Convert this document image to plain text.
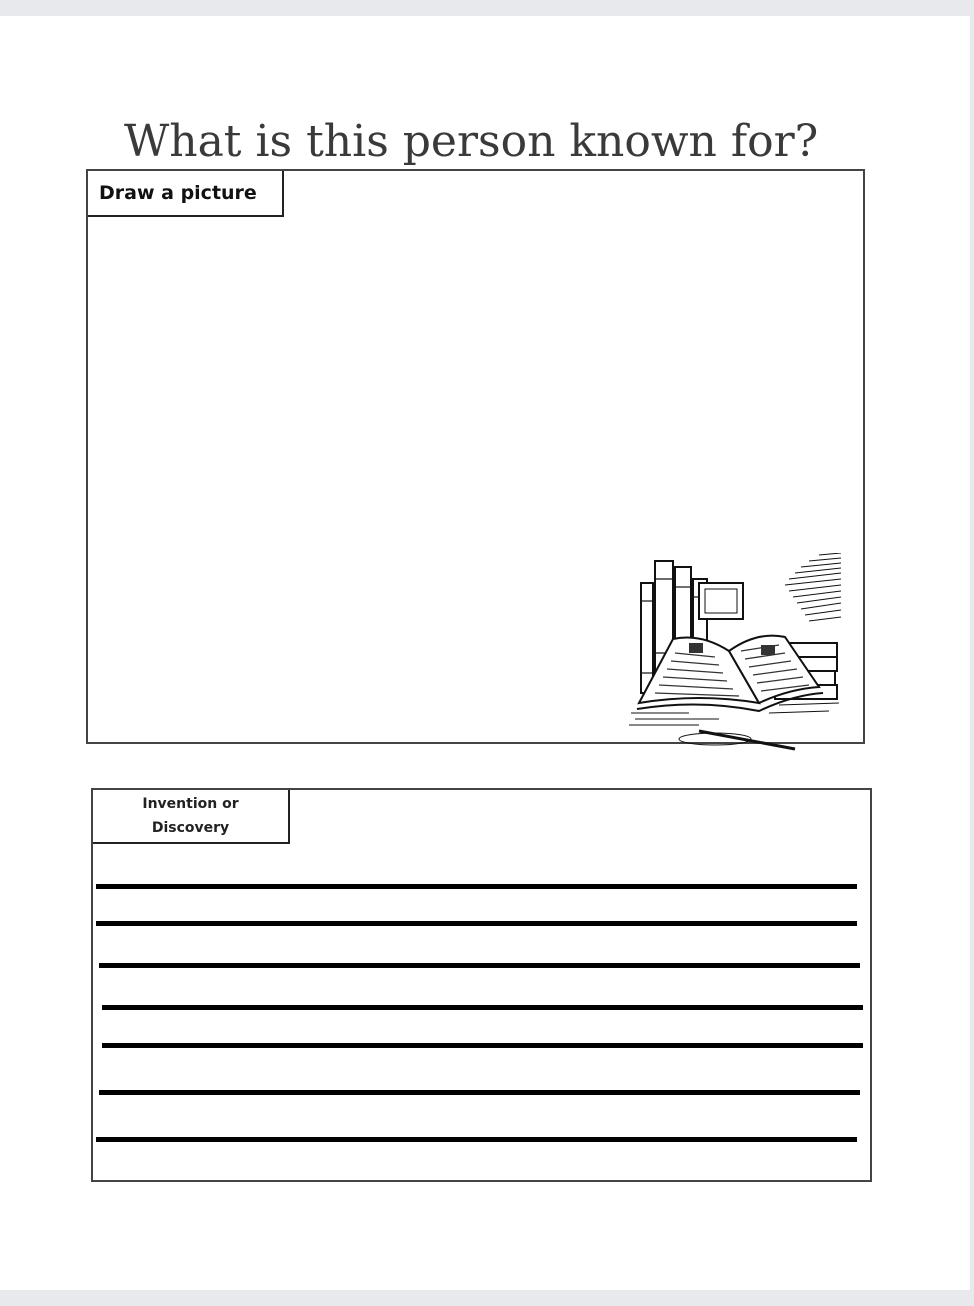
What is this person known for?
Draw a picture
Invention or
Discovery
